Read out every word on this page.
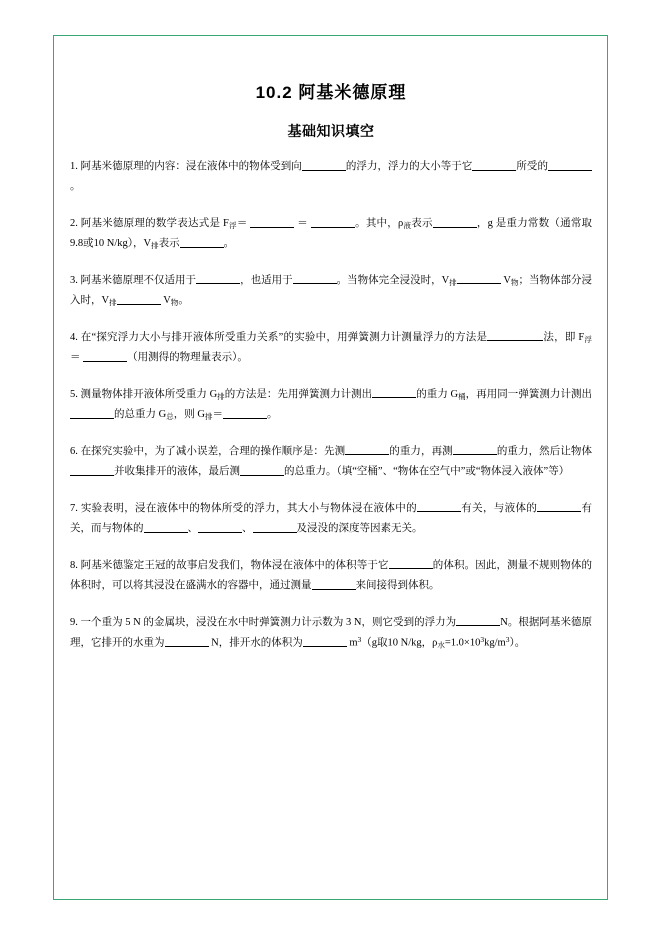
10.2 阿基米德原理
基础知识填空
1. 阿基米德原理的内容：浸在液体中的物体受到向	的浮力，浮力的大小等于它	所受的。
2. 阿基米德原理的数学表达式是 $F_浮=$	＝	。其中，$\rho_液$表示	，g 是重力常数（通常取 9.8或10 N/kg），$V_排$表示	。
3. 阿基米德原理不仅适用于	，也适用于	。当物体完全浸没时，$V_排$	$V_物$；当物体部分浸入时，$V_排$	$V_物$。
4. 在“探究浮力大小与排开液体所受重力关系”的实验中，用弹簧测力计测量浮力的方法是	法，即 $F_浮=$	（用测得的物理量表示）。
5. 测量物体排开液体所受重力 $G_排$的方法是：先用弹簧测力计测出	的重力 $G_桶$，再用同一弹簧测力计测出的总重力 $G_总$，则 $G_排=$	。
6. 在探究实验中，为了减小误差，合理的操作顺序是：先测	的重力，再测	的重力，然后让物体并收集排开的液体，最后测	的总重力。（填“空桶”、“物体在空气中”或“物体浸入液体”等）
7. 实验表明，浸在液体中的物体所受的浮力，其大小与物体浸在液体中的	有关，与液体的	有关，而与物体的	、	、	及浸没的深度等因素无关。
8. 阿基米德鉴定王冠的故事启发我们，物体浸在液体中的体积等于它	的体积。因此，测量不规则物体的体积时，可以将其浸没在盛满水的容器中，通过测量	来间接得到体积。
9. 一个重为 5 N 的金属块，浸没在水中时弹簧测力计示数为 3 N，则它受到的浮力为	N。根据阿基米德原理，它排开的水重为	N，排开水的体积为	$m^3(g$取10 N/kg，$\rho_水=1.0\times 10^3kg/m^3$）。
